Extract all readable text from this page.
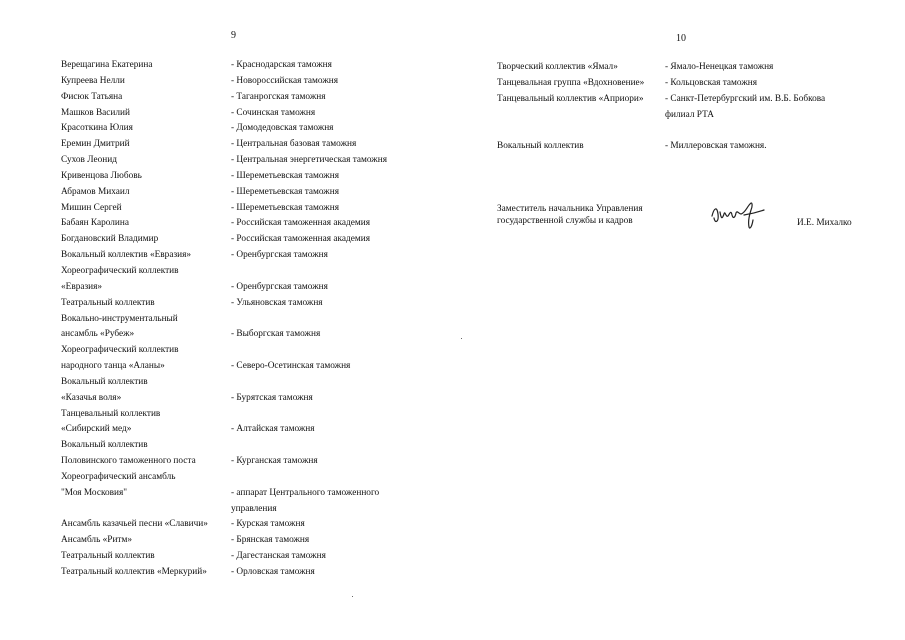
9	10
Верещагина Екатерина	- Краснодарская таможня
Купреева Нелли	- Новороссийская таможня
Фисюк Татьяна	- Таганрогская таможня
Машков Василий	- Сочинская таможня
Красоткина Юлия	- Домодедовская таможня
Еремин Дмитрий	- Центральная базовая таможня
Сухов Леонид	- Центральная энергетическая таможня
Кривенцова Любовь	- Шереметьевская таможня
Абрамов Михаил	- Шереметьевская таможня
Мишин Сергей	- Шереметьевская таможня
Бабаян Каролина	- Российская таможенная академия
Богдановский Владимир	- Российская таможенная академия
Вокальный коллектив «Евразия»	- Оренбургская таможня
Хореографический коллектив
«Евразия»	- Оренбургская таможня
Театральный коллектив	- Ульяновская таможня
Вокально-инструментальный
ансамбль «Рубеж»	- Выборгская таможня
Хореографический коллектив
народного танца «Аланы»	- Северо-Осетинская таможня
Вокальный коллектив
«Казачья воля»	- Бурятская таможня
Танцевальный коллектив
«Сибирский мед»	- Алтайская таможня
Вокальный коллектив
Половинского таможенного поста	- Курганская таможня
Хореографический ансамбль
"Моя Московия"	- аппарат Центрального таможенного
управления
Ансамбль казачьей песни «Славичи»	- Курская таможня
Ансамбль «Ритм»	- Брянская таможня
Театральный коллектив	- Дагестанская таможня
Театральный коллектив «Меркурий»	- Орловская таможня
Творческий коллектив «Ямал»	- Ямало-Ненецкая таможня
Танцевальная группа «Вдохновение»	- Кольцовская таможня
Танцевальный коллектив «Априори»	- Санкт-Петербургский им. В.Б. Бобкова
филиал РТА

Вокальный коллектив	- Миллеровская таможня.
Заместитель начальника Управления
государственной службы и кадров	И.Е. Михалко
